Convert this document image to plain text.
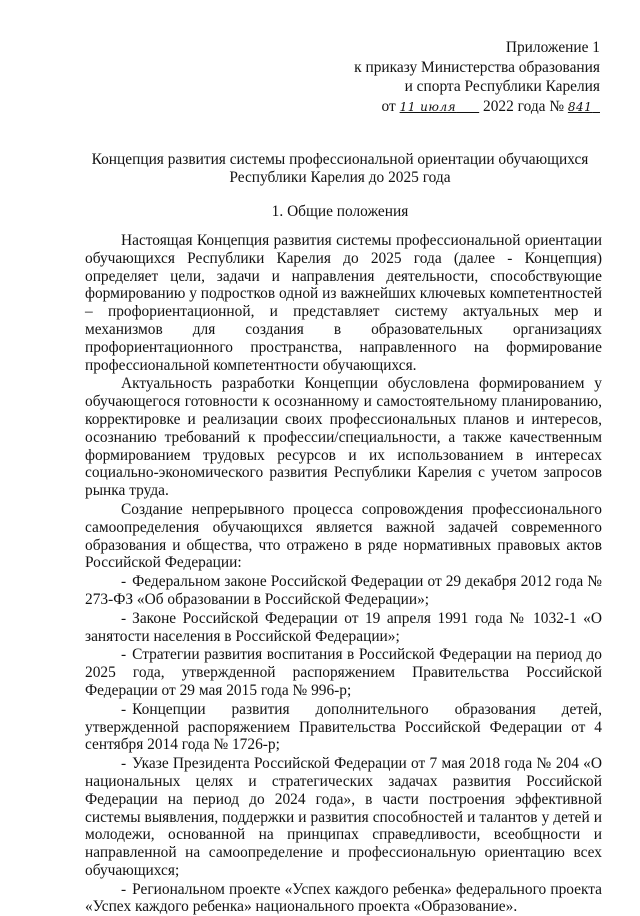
Приложение 1
к приказу Министерства образования
и спорта Республики Карелия
от 11 июля 2022 года № 841
Концепция развития системы профессиональной ориентации обучающихся
Республики Карелия до 2025 года
1. Общие положения

Настоящая Концепция развития системы профессиональной ориентации обучающихся Республики Карелия до 2025 года (далее - Концепция) определяет цели, задачи и направления деятельности, способствующие формированию у подростков одной из важнейших ключевых компетентностей – профориентационной, и представляет систему актуальных мер и механизмов для создания в образовательных организациях профориентационного пространства, направленного на формирование профессиональной компетентности обучающихся.

Актуальность разработки Концепции обусловлена формированием у обучающегося готовности к осознанному и самостоятельному планированию, корректировке и реализации своих профессиональных планов и интересов, осознанию требований к профессии/специальности, а также качественным формированием трудовых ресурсов и их использованием в интересах социально-экономического развития Республики Карелия с учетом запросов рынка труда.

Создание непрерывного процесса сопровождения профессионального самоопределения обучающихся является важной задачей современного образования и общества, что отражено в ряде нормативных правовых актов Российской Федерации:

- Федеральном законе Российской Федерации от 29 декабря 2012 года № 273-ФЗ «Об образовании в Российской Федерации»;

- Законе Российской Федерации от 19 апреля 1991 года № 1032-1 «О занятости населения в Российской Федерации»;

- Стратегии развития воспитания в Российской Федерации на период до 2025 года, утвержденной распоряжением Правительства Российской Федерации от 29 мая 2015 года № 996-р;

- Концепции развития дополнительного образования детей, утвержденной распоряжением Правительства Российской Федерации от 4 сентября 2014 года № 1726-р;

- Указе Президента Российской Федерации от 7 мая 2018 года № 204 «О национальных целях и стратегических задачах развития Российской Федерации на период до 2024 года», в части построения эффективной системы выявления, поддержки и развития способностей и талантов у детей и молодежи, основанной на принципах справедливости, всеобщности и направленной на самоопределение и профессиональную ориентацию всех обучающихся;

- Региональном проекте «Успех каждого ребенка» федерального проекта «Успех каждого ребенка» национального проекта «Образование».
